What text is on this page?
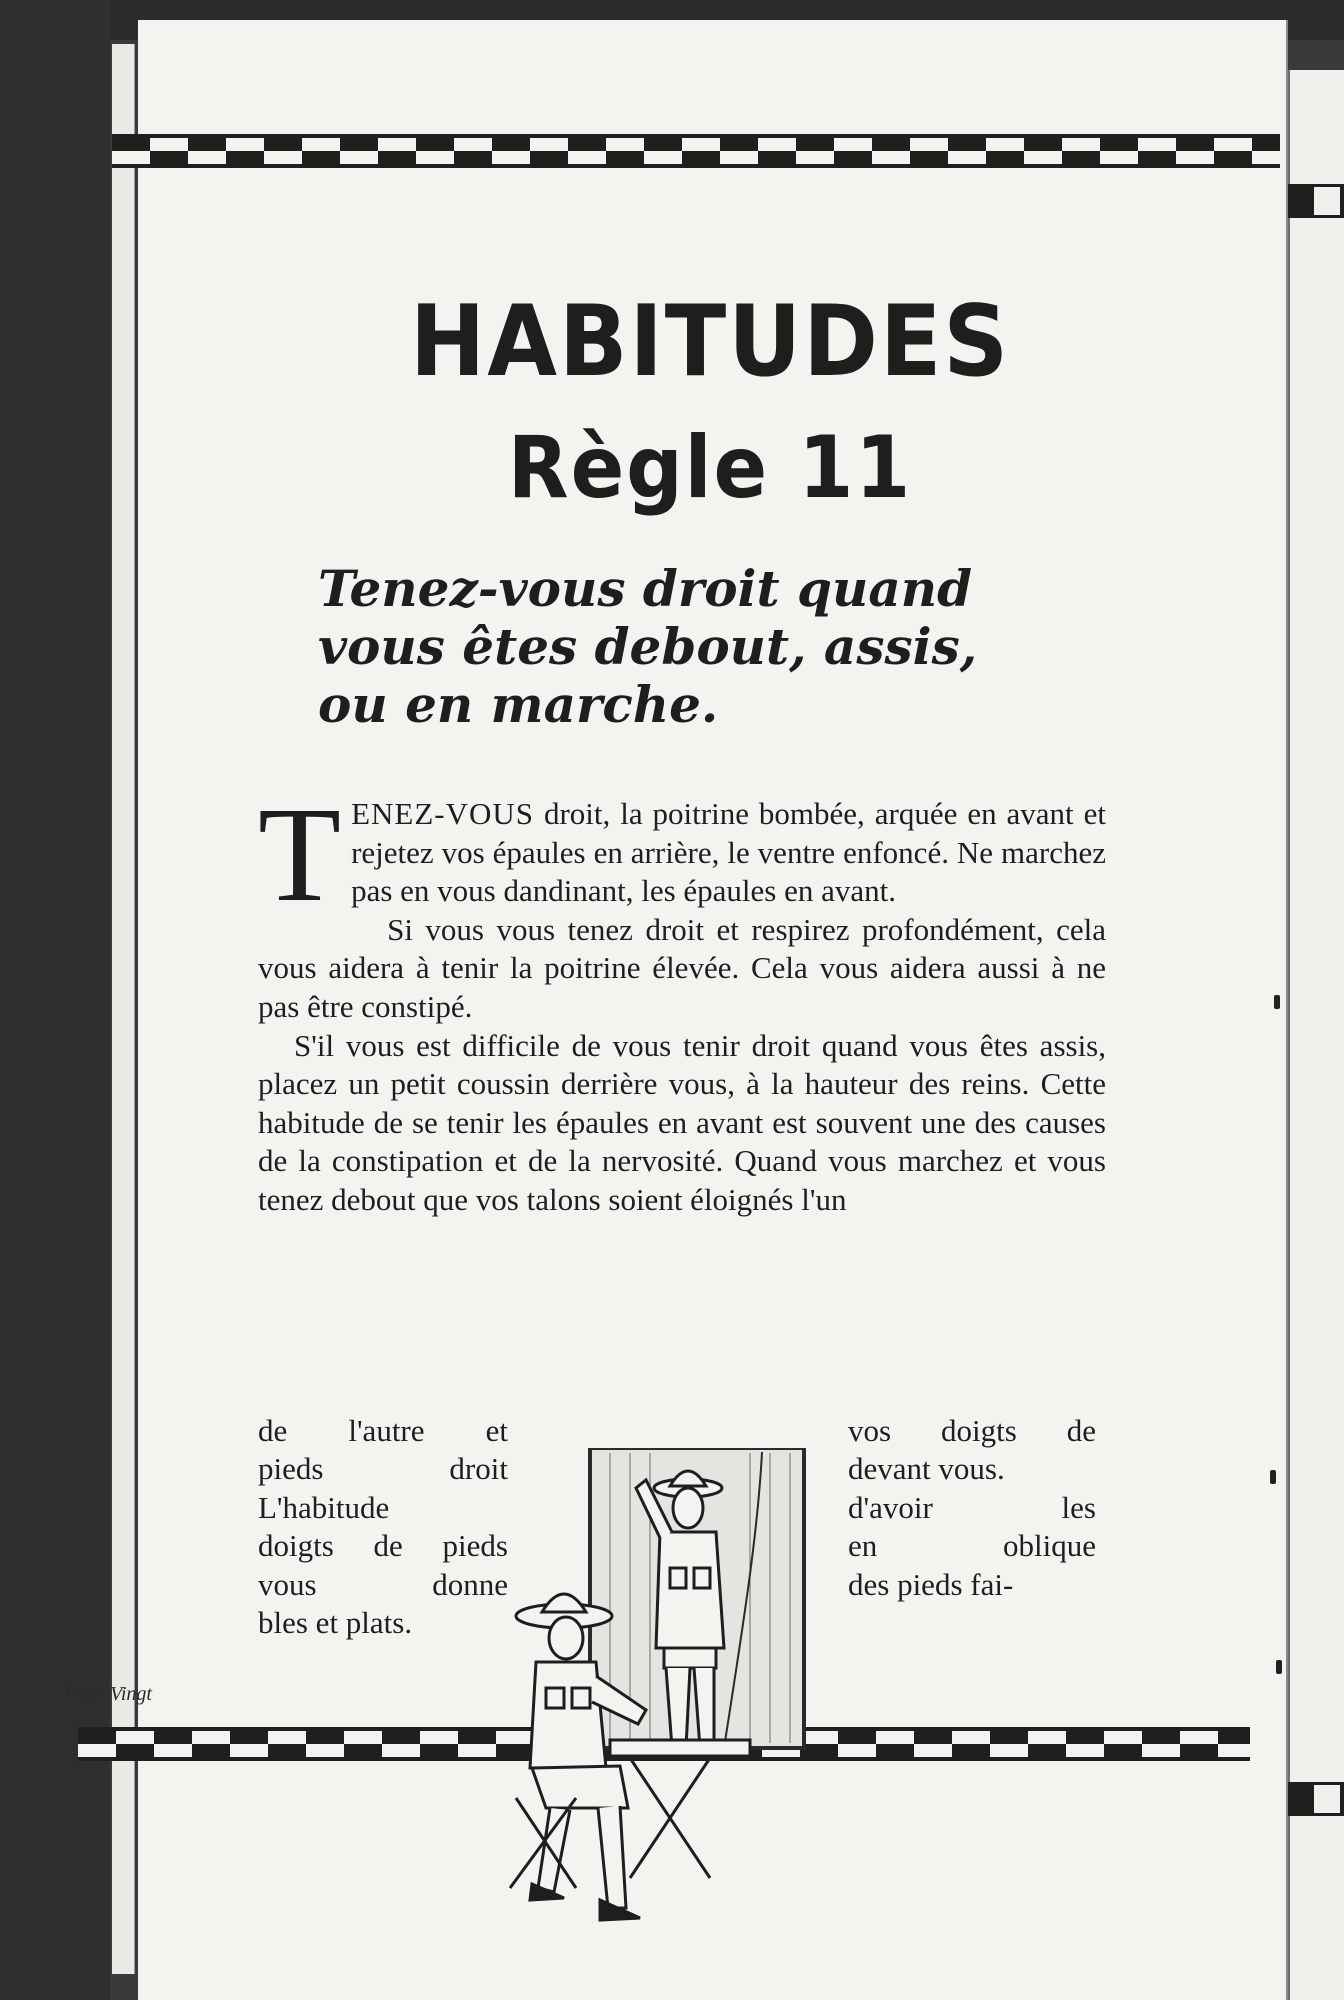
HABITUDES
Règle 11
Tenez-vous droit quand
vous êtes debout, assis,
ou en marche.

TENEZ-VOUS droit, la poitrine bombée, arquée en avant et rejetez vos épaules en arrière, le ventre enfoncé. Ne marchez pas en vous dandinant, les épaules en avant.

Si vous vous tenez droit et respirez profondément, cela vous aidera à tenir la poitrine élevée. Cela vous aidera aussi à ne pas être constipé.

S'il vous est difficile de vous tenir droit quand vous êtes assis, placez un petit coussin derrière vous, à la hauteur des reins. Cette habitude de se tenir les épaules en avant est souvent une des causes de la constipation et de la nervosité. Quand vous marchez et vous tenez debout que vos talons soient éloignés l'un

de l'autre et
pieds droit
L'habitude
doigts de pieds
vous donne
bles et plats.
vos doigts de
devant vous.
d'avoir les
en oblique
des pieds fai-
Page Vingt
